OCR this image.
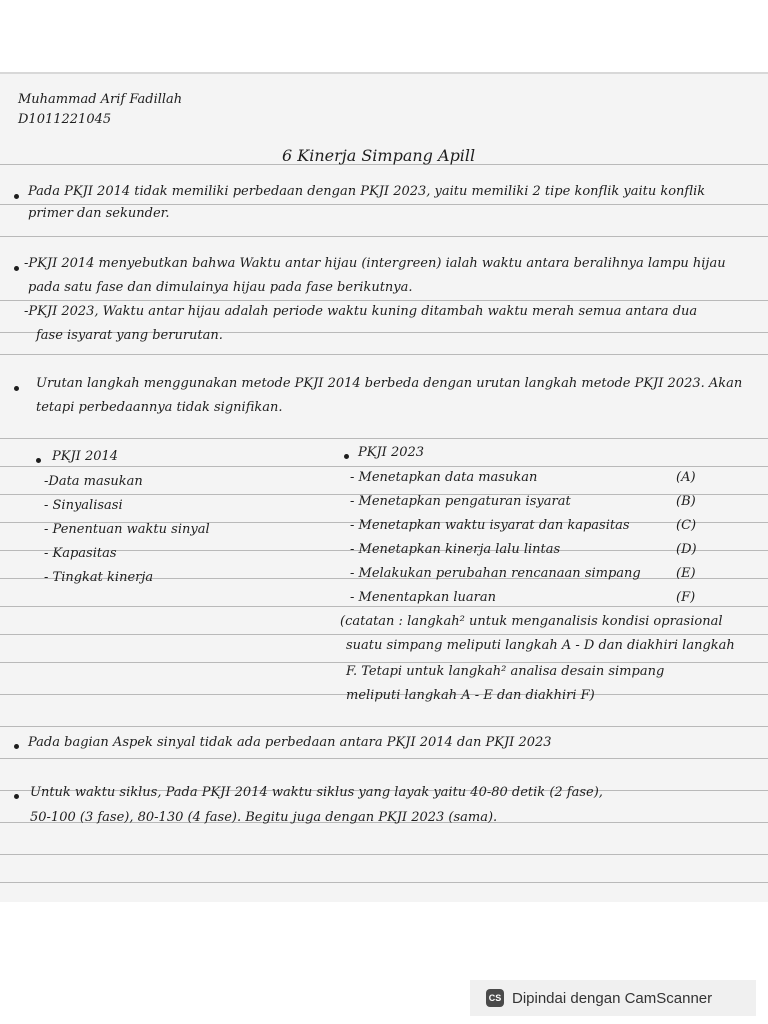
Muhammad Arif Fadillah
D1011221045
6 Kinerja Simpang Apill
Pada PKJI 2014 tidak memiliki perbedaan dengan PKJI 2023, yaitu memiliki 2 tipe konflik yaitu konflik
primer dan sekunder.
-PKJI 2014 menyebutkan bahwa Waktu antar hijau (intergreen) ialah waktu antara beralihnya lampu hijau
pada satu fase dan dimulainya hijau pada fase berikutnya.
-PKJI 2023, Waktu antar hijau adalah periode waktu kuning ditambah waktu merah semua antara dua
fase isyarat yang berurutan.
Urutan langkah menggunakan metode PKJI 2014 berbeda dengan urutan langkah metode PKJI 2023. Akan
tetapi perbedaannya tidak signifikan.
PKJI 2014
-Data masukan
- Sinyalisasi
- Penentuan waktu sinyal
- Kapasitas
- Tingkat kinerja
PKJI 2023
- Menetapkan data masukan	(A)
- Menetapkan pengaturan isyarat	(B)
- Menetapkan waktu isyarat dan kapasitas	(C)
- Menetapkan kinerja lalu lintas	(D)
- Melakukan perubahan rencanaan simpang	(E)
- Menentapkan luaran	(F)
(catatan : langkah² untuk menganalisis kondisi oprasional
suatu simpang meliputi langkah A - D dan diakhiri langkah
F. Tetapi untuk langkah² analisa desain simpang
meliputi langkah A - E dan diakhiri F)
Pada bagian Aspek sinyal tidak ada perbedaan antara PKJI 2014 dan PKJI 2023
Untuk waktu siklus, Pada PKJI 2014 waktu siklus yang layak yaitu 40-80 detik (2 fase),
50-100 (3 fase), 80-130 (4 fase). Begitu juga dengan PKJI 2023 (sama).
CS Dipindai dengan CamScanner
